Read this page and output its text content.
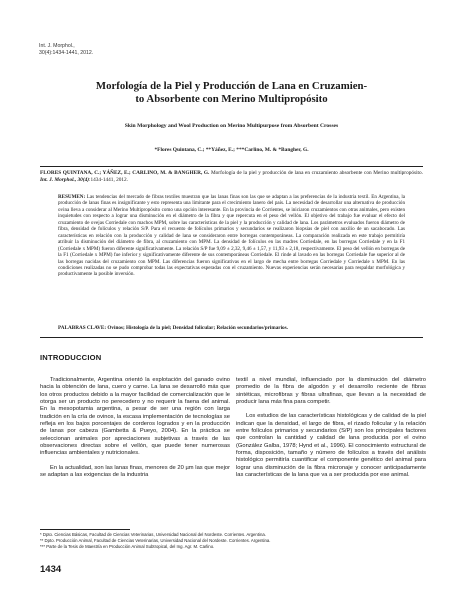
Int. J. Morphol.,
30(4):1434-1441, 2012.
Morfología de la Piel y Producción de Lana en Cruzamien-
to Absorbente con Merino Multipropósito
Skin Morphology and Wool Production on Merino Multipurpose from Absorbent Crosses
*Flores Quintana, C.; **Yáñez, E.; ***Carlino, M. & *Bangher, G.
FLORES QUINTANA, C.; YÁÑEZ, E.; CARLINO, M. & BANGHER, G. Morfología de la piel y producción de lana en cruzamiento absorbente con Merino multipropósito. Int. J. Morphol., 30(4):1434-1441, 2012.
RESUMEN: Las tendencias del mercado de fibras textiles muestran que las lanas finas son las que se adaptan a las preferencias de la industria textil. En Argentina, la producción de lanas finas es insignificante y esto representa una limitante para el crecimiento lanero del país. La necesidad de desarrollar una alternativa de producción ovina lleva a considerar al Merino Multipropósito como una opción interesante. En la provincia de Corrientes, se iniciaron cruzamientos con otras animales, pero existen inquietudes con respecto a lograr una disminución en el diámetro de la fibra y que repercuta en el peso del vellón. El objetivo del trabajo fue evaluar el efecto del cruzamiento de ovejas Corriedale con machos MPM, sobre las características de la piel y la producción y calidad de lana. Los parámetros evaluados fueron diámetro de fibra, densidad de folículos y relación S/P. Para el recuento de folículos primarios y secundarios se realizaron biopsias de piel con auxilio de un sacabocado. Las características en relación con la producción y calidad de lana se consideraron entre borregas contemporáneas. La comparación realizada en este trabajo permitiría atribuir la disminución del diámetro de fibra, al cruzamiento con MPM. La densidad de folículos en las madres Corriedale, en las borregas Corriedale y en la F1 (Corriedale x MPM) fueron diferente significativamente. La relación S/P fue 9,09 ± 2,32, 9,46 ± 1,57, y 11,93 ± 2,18, respectivamente. El peso del vellón en borregas de la F1 (Corriedale x MPM) fue inferior y significativamente diferente de sus contemporáneas Corriedale. El rinde al lavado en las borregas Corriedale fue superior al de las borregas nacidas del cruzamiento con MPM. Las diferencias fueron significativas en el largo de mecha entre borregas Corriedale y Corriedale x MPM. En las condiciones realizadas no se pudo comprobar todas las expectativas esperadas con el cruzamiento. Nuevas experiencias serán necesarias para respaldar morfológica y productivamente la posible inversión.
PALABRAS CLAVE: Ovinos; Histología de la piel; Densidad folicular; Relación secundarios/primarios.
INTRODUCCION

Tradicionalmente, Argentina orientó la explotación del ganado ovino hacia la obtención de lana, cuero y carne. La lana se desarrolló más que los otros productos debido a la mayor facilidad de comercialización que le otorga ser un producto no perecedero y no requerir la faena del animal. En la mesopotamia argentina, a pesar de ser una región con larga tradición en la cría de ovinos, la escasa implementación de tecnologías se refleja en los bajos porcentajes de corderos logrados y en la producción de lanas por cabeza (Gambetta & Pueyo, 2004). En la práctica se seleccionan animales por apreciaciones subjetivas a través de las observaciones directas sobre el vellón, que puede tener numerosas influencias ambientales y nutricionales.

En la actualidad, son las lanas finas, menores de 20 µm las que mejor se adaptan a las exigencias de la industria

textil a nivel mundial, influenciado por la disminución del diámetro promedio de la fibra de algodón y el desarrollo reciente de fibras sintéticas, microfibras y fibras ultrafinas, que llevan a la necesidad de producir lana más fina para competir.

Los estudios de las características histológicas y de calidad de la piel indican que la densidad, el largo de fibra, el rizado folicular y la relación entre folículos primarios y secundarios (S/P) son los principales factores que controlan la cantidad y calidad de lana producida por el ovino (González Galba, 1978; Hynd et al., 1996). El conocimiento estructural de forma, disposición, tamaño y número de folículos a través del análisis histológico permitiría cuantificar el componente genético del animal para lograr una disminución de la fibra micronaje y conocer anticipadamente las características de la lana que va a ser producida por ese animal.

* Dpto. Ciencias Básicas, Facultad de Ciencias Veterinarias, Universidad Nacional del Nordeste. Corrientes. Argentina.
** Dpto. Producción Animal, Facultad de Ciencias Veterinarias, Universidad Nacional del Nordeste. Corrientes. Argentina.
*** Parte de la Tesis de Maestría en Producción Animal Subtropical, del Ing. Agr. M. Carlino.
1434
